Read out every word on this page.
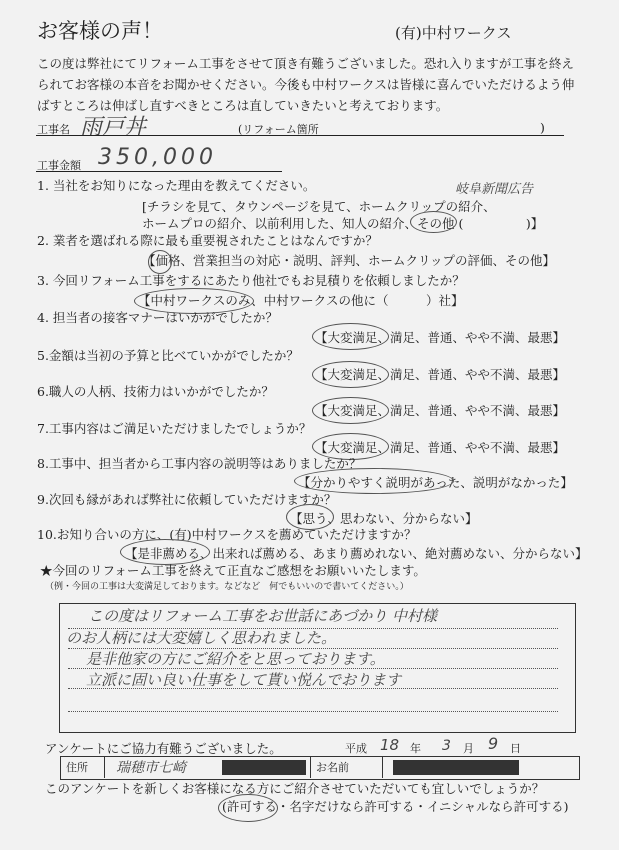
お客様の声！	(有)中村ワークス
この度は弊社にてリフォーム工事をさせて頂き有難うございました。恐れ入りますが工事を終え
られてお客様の本音をお聞かせください。今後も中村ワークスは皆様に喜んでいただけるよう伸
ばすところは伸ばし直すべきところは直していきたいと考えております。
工事名 雨戸丼	(リフォーム箇所	)
工事金額 350,000
1. 当社をお知りになった理由を教えてください。
[チラシを見て、タウンページを見て、ホームクリップの紹介、
ホームプロの紹介、以前利用した、知人の紹介、その他 (　　　　　)】
岐阜新聞広告
2. 業者を選ばれる際に最も重要視されたことはなんですか？
【価格、営業担当の対応・説明、評判、ホームクリップの評価、その他】
3. 今回リフォーム工事をするにあたり他社でもお見積りを依頼しましたか？
【中村ワークスのみ、中村ワークスの他に（　　　）社】
4. 担当者の接客マナーはいかがでしたか？
【大変満足、満足、普通、やや不満、最悪】
5.金額は当初の予算と比べていかがでしたか？
【大変満足、満足、普通、やや不満、最悪】
6.職人の人柄、技術力はいかがでしたか？
【大変満足、満足、普通、やや不満、最悪】
7.工事内容はご満足いただけましたでしょうか？
【大変満足、満足、普通、やや不満、最悪】
8.工事中、担当者から工事内容の説明等はありましたか？
【分かりやすく説明があった、説明がなかった】
9.次回も縁があれば弊社に依頼していただけますか？
【思う、思わない、分からない】
10.お知り合いの方に、(有)中村ワークスを薦めていただけますか？
【是非薦める、出来れば薦める、あまり薦めれない、絶対薦めない、分からない】
★今回のリフォーム工事を終えて正直なご感想をお願いいたします。
（例・今回の工事は大変満足しております。などなど　何でもいいので書いてください。）
この度はリフォーム工事をお世話にあづかり 中村様
のお人柄には大変嬉しく思われました。
是非他家の方にご紹介をと思っております。
立派に固い良い仕事をして貰い悦んでおります
アンケートにご協力有難うございました。	平成 18 年 3 月 9 日
住所 瑞穂市七崎	お名前
このアンケートを新しくお客様になる方にご紹介させていただいても宜しいでしょうか？
(許可する・名字だけなら許可する・イニシャルなら許可する)
